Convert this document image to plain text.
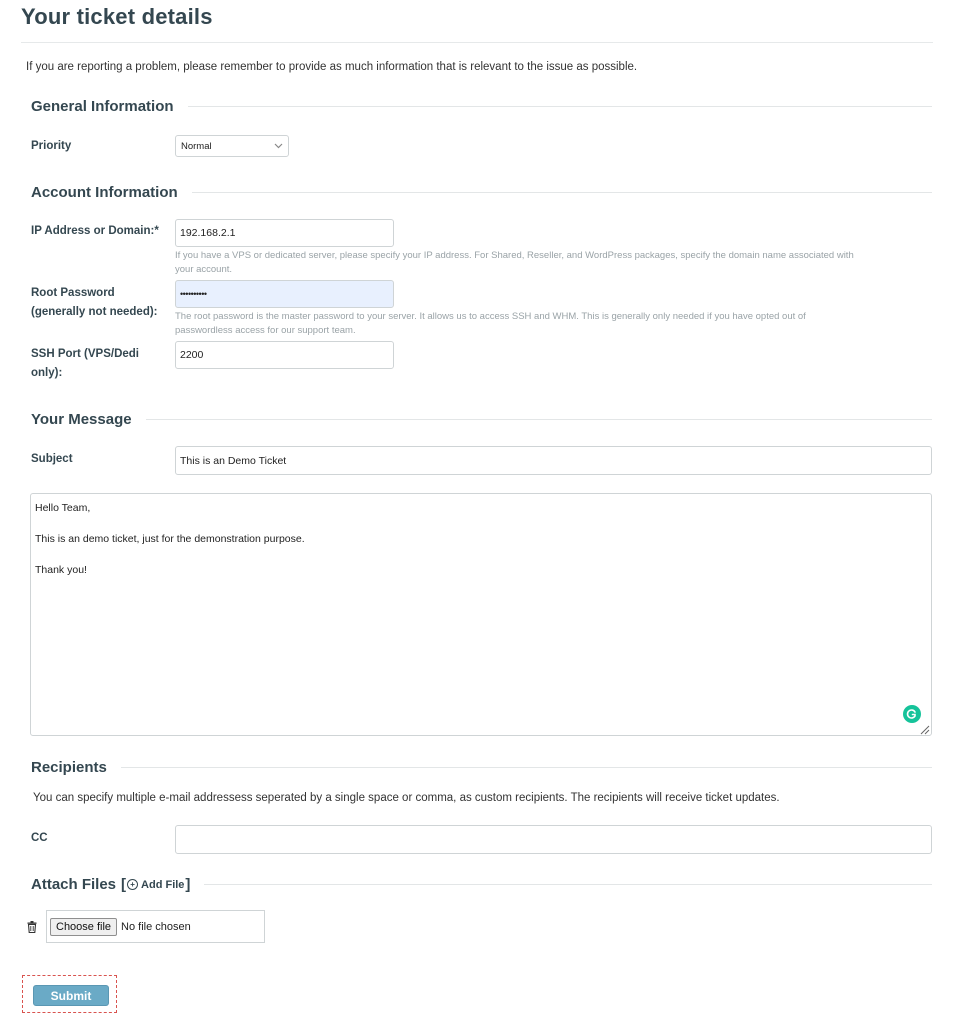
Your ticket details
If you are reporting a problem, please remember to provide as much information that is relevant to the issue as possible.
General Information
Priority	Normal
Account Information
IP Address or Domain:* 192.168.2.1
If you have a VPS or dedicated server, please specify your IP address. For Shared, Reseller, and WordPress packages, specify the domain name associated with
your account.
Root Password
(generally not needed):
••••••••••
The root password is the master password to your server. It allows us to access SSH and WHM. This is generally only needed if you have opted out of
passwordless access for our support team.
SSH Port (VPS/Dedi
only):
2200
Your Message
Subject	This is an Demo Ticket

Hello Team,

This is an demo ticket, just for the demonstration purpose.

Thank you!

Recipients
You can specify multiple e-mail addressess seperated by a single space or comma, as custom recipients. The recipients will receive ticket updates.
CC
Attach Files [ + Add File ]
Choose file No file chosen
Submit
